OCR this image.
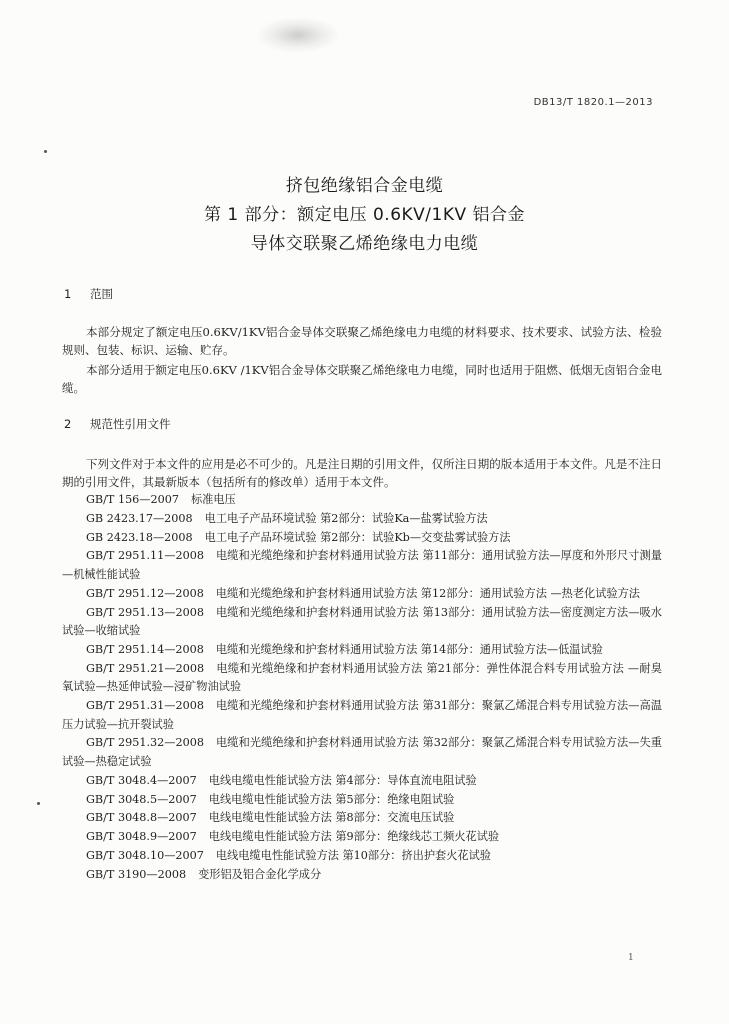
DB13/T 1820.1—2013
挤包绝缘铝合金电缆
第 1 部分：额定电压 0.6KV/1KV 铝合金
导体交联聚乙烯绝缘电力电缆
1 范围
本部分规定了额定电压0.6KV/1KV铝合金导体交联聚乙烯绝缘电力电缆的材料要求、技术要求、试验方法、检验规则、包装、标识、运输、贮存。
本部分适用于额定电压0.6KV /1KV铝合金导体交联聚乙烯绝缘电力电缆，同时也适用于阻燃、低烟无卤铝合金电缆。
2 规范性引用文件
下列文件对于本文件的应用是必不可少的。凡是注日期的引用文件，仅所注日期的版本适用于本文件。凡是不注日期的引用文件，其最新版本（包括所有的修改单）适用于本文件。
GB/T 156—2007 标准电压
GB 2423.17—2008 电工电子产品环境试验 第2部分：试验Ka—盐雾试验方法
GB 2423.18—2008 电工电子产品环境试验 第2部分：试验Kb—交变盐雾试验方法
GB/T 2951.11—2008 电缆和光缆绝缘和护套材料通用试验方法 第11部分：通用试验方法—厚度和外形尺寸测量—机械性能试验
GB/T 2951.12—2008 电缆和光缆绝缘和护套材料通用试验方法 第12部分：通用试验方法 —热老化试验方法
GB/T 2951.13—2008 电缆和光缆绝缘和护套材料通用试验方法 第13部分：通用试验方法—密度测定方法—吸水试验—收缩试验
GB/T 2951.14—2008 电缆和光缆绝缘和护套材料通用试验方法 第14部分：通用试验方法—低温试验
GB/T 2951.21—2008 电缆和光缆绝缘和护套材料通用试验方法 第21部分：弹性体混合料专用试验方法 —耐臭氧试验—热延伸试验—浸矿物油试验
GB/T 2951.31—2008 电缆和光缆绝缘和护套材料通用试验方法 第31部分：聚氯乙烯混合料专用试验方法—高温压力试验—抗开裂试验
GB/T 2951.32—2008 电缆和光缆绝缘和护套材料通用试验方法 第32部分：聚氯乙烯混合料专用试验方法—失重试验—热稳定试验
GB/T 3048.4—2007 电线电缆电性能试验方法 第4部分：导体直流电阻试验
GB/T 3048.5—2007 电线电缆电性能试验方法 第5部分：绝缘电阻试验
GB/T 3048.8—2007 电线电缆电性能试验方法 第8部分：交流电压试验
GB/T 3048.9—2007 电线电缆电性能试验方法 第9部分：绝缘线芯工频火花试验
GB/T 3048.10—2007 电线电缆电性能试验方法 第10部分：挤出护套火花试验
GB/T 3190—2008 变形铝及铝合金化学成分
1
